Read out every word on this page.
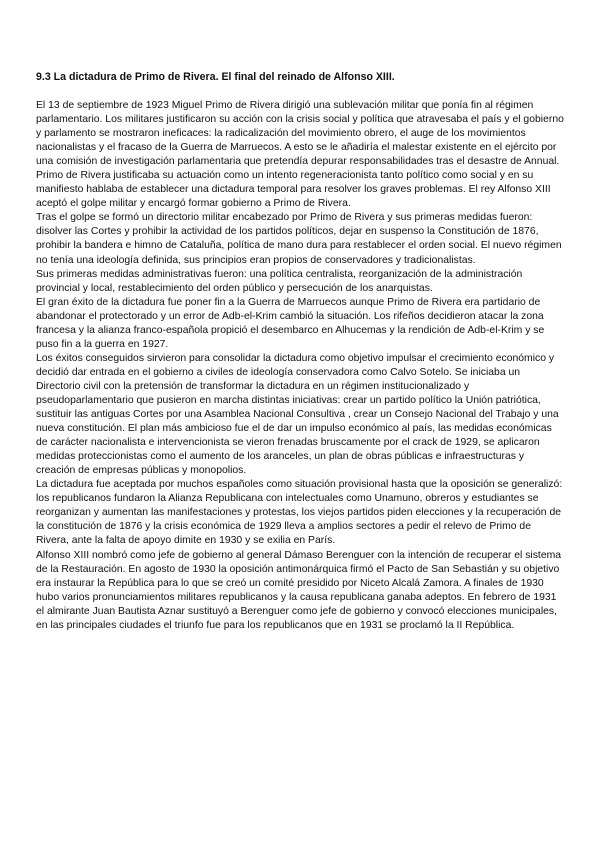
9.3 La dictadura de Primo de Rivera. El final del reinado de Alfonso XIII.

El 13 de septiembre de 1923 Miguel Primo de Rivera dirigió una sublevación militar que ponía fin al régimen parlamentario. Los militares justificaron su acción con la crisis social y política que atravesaba el país y el gobierno y parlamento se mostraron ineficaces: la radicalización del movimiento obrero, el auge de los movimientos nacionalistas y el fracaso de la Guerra de Marruecos. A esto se le añadiría el malestar existente en el ejército por una comisión de investigación parlamentaria que pretendía depurar responsabilidades tras el desastre de Annual. Primo de Rivera justificaba su actuación como un intento regeneracionista tanto político como social y en su manifiesto hablaba de establecer una dictadura temporal para resolver los graves problemas. El rey Alfonso XIII aceptó el golpe militar y encargó formar gobierno a Primo de Rivera.

Tras el golpe se formó un directorio militar encabezado por Primo de Rivera y sus primeras medidas fueron: disolver las Cortes y prohibir la actividad de los partidos políticos, dejar en suspenso la Constitución de 1876, prohibir la bandera e himno de Cataluña, política de mano dura para restablecer el orden social. El nuevo régimen no tenía una ideología definida, sus principios eran propios de conservadores y tradicionalistas.

Sus primeras medidas administrativas fueron: una política centralista, reorganización de la administración provincial y local, restablecimiento del orden público y persecución de los anarquistas.

El gran éxito de la dictadura fue poner fin a la Guerra de Marruecos aunque Primo de Rivera era partidario de abandonar el protectorado y un error de Adb-el-Krim cambió la situación. Los rifeños decidieron atacar la zona francesa y la alianza franco-española propició el desembarco en Alhucemas y la rendición de Adb-el-Krim y se puso fin a la guerra en 1927.

Los éxitos conseguidos sirvieron para consolidar la dictadura como objetivo impulsar el crecimiento económico y decidió dar entrada en el gobierno a civiles de ideología conservadora como Calvo Sotelo. Se iniciaba un Directorio civil con la pretensión de transformar la dictadura en un régimen institucionalizado y pseudoparlamentario que pusieron en marcha distintas iniciativas: crear un partido político la Unión patriótica, sustituir las antiguas Cortes por una Asamblea Nacional Consultiva , crear un Consejo Nacional del Trabajo y una nueva constitución. El plan más ambicioso fue el de dar un impulso económico al país, las medidas económicas de carácter nacionalista e intervencionista se vieron frenadas bruscamente por el crack de 1929, se aplicaron medidas proteccionistas como el aumento de los aranceles, un plan de obras públicas e infraestructuras y creación de empresas públicas y monopolios.

La dictadura fue aceptada por muchos españoles como situación provisional hasta que la oposición se generalizó: los republicanos fundaron la Alianza Republicana con intelectuales como Unamuno, obreros y estudiantes se reorganizan y aumentan las manifestaciones y protestas, los viejos partidos piden elecciones y la recuperación de la constitución de 1876 y la crisis económica de 1929 lleva a amplios sectores a pedir el relevo de Primo de Rivera, ante la falta de apoyo dimite en 1930 y se exilia en París.

Alfonso XIII nombró como jefe de gobierno al general Dámaso Berenguer con la intención de recuperar el sistema de la Restauración. En agosto de 1930 la oposición antimonárquica firmó el Pacto de San Sebastián y su objetivo era instaurar la República para lo que se creó un comité presidido por Niceto Alcalá Zamora. A finales de 1930 hubo varios pronunciamientos militares republicanos y la causa republicana ganaba adeptos. En febrero de 1931 el almirante Juan Bautista Aznar sustituyó a Berenguer como jefe de gobierno y convocó elecciones municipales, en las principales ciudades el triunfo fue para los republicanos que en 1931 se proclamó la II República.
